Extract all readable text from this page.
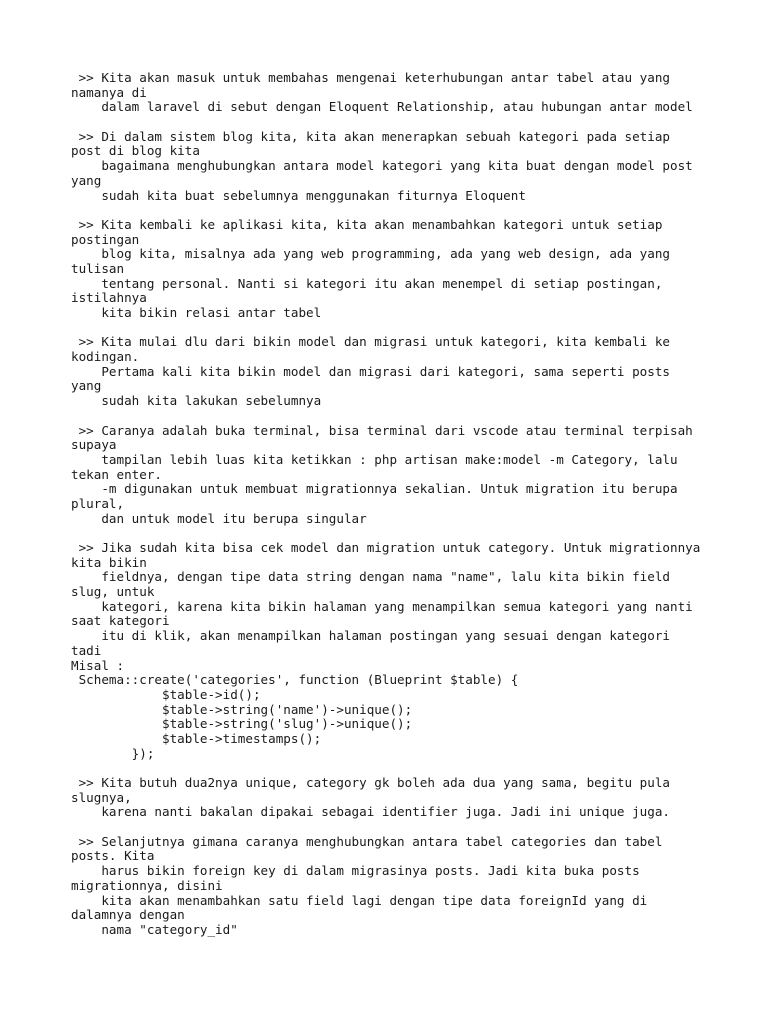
>> Kita akan masuk untuk membahas mengenai keterhubungan antar tabel atau yang
namanya di
dalam laravel di sebut dengan Eloquent Relationship, atau hubungan antar model

>> Di dalam sistem blog kita, kita akan menerapkan sebuah kategori pada setiap
post di blog kita
bagaimana menghubungkan antara model kategori yang kita buat dengan model post
yang
sudah kita buat sebelumnya menggunakan fiturnya Eloquent

>> Kita kembali ke aplikasi kita, kita akan menambahkan kategori untuk setiap
postingan
blog kita, misalnya ada yang web programming, ada yang web design, ada yang
tulisan
tentang personal. Nanti si kategori itu akan menempel di setiap postingan,
istilahnya
kita bikin relasi antar tabel

>> Kita mulai dlu dari bikin model dan migrasi untuk kategori, kita kembali ke
kodingan.
Pertama kali kita bikin model dan migrasi dari kategori, sama seperti posts
yang
sudah kita lakukan sebelumnya

>> Caranya adalah buka terminal, bisa terminal dari vscode atau terminal terpisah
supaya
tampilan lebih luas kita ketikkan : php artisan make:model -m Category, lalu
tekan enter.
-m digunakan untuk membuat migrationnya sekalian. Untuk migration itu berupa
plural,
dan untuk model itu berupa singular

>> Jika sudah kita bisa cek model dan migration untuk category. Untuk migrationnya
kita bikin
fieldnya, dengan tipe data string dengan nama "name", lalu kita bikin field
slug, untuk
kategori, karena kita bikin halaman yang menampilkan semua kategori yang nanti
saat kategori
itu di klik, akan menampilkan halaman postingan yang sesuai dengan kategori
tadi
Misal :
Schema::create('categories', function (Blueprint $table) {
$table->id();
$table->string('name')->unique();
$table->string('slug')->unique();
$table->timestamps();
});

>> Kita butuh dua2nya unique, category gk boleh ada dua yang sama, begitu pula
slugnya,
karena nanti bakalan dipakai sebagai identifier juga. Jadi ini unique juga.

>> Selanjutnya gimana caranya menghubungkan antara tabel categories dan tabel
posts. Kita
harus bikin foreign key di dalam migrasinya posts. Jadi kita buka posts
migrationnya, disini
kita akan menambahkan satu field lagi dengan tipe data foreignId yang di
dalamnya dengan
nama "category_id"
